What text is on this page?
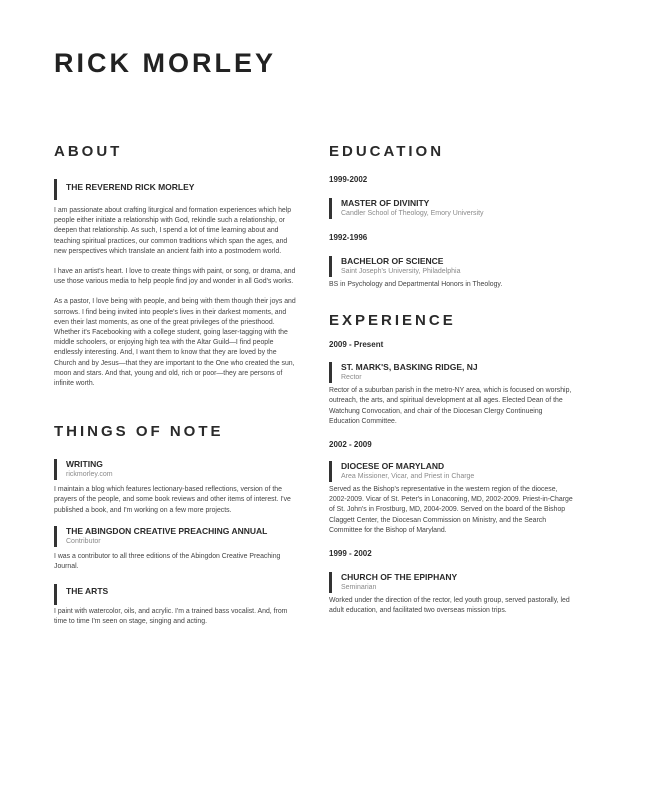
RICK MORLEY
ABOUT
THE REVEREND RICK MORLEY

I am passionate about crafting liturgical and formation experiences which help people either initiate a relationship with God, rekindle such a relationship, or deepen that relationship. As such, I spend a lot of time learning about and teaching spiritual practices, our common traditions which span the ages, and new perspectives which translate an ancient faith into a postmodern world.

I have an artist's heart. I love to create things with paint, or song, or drama, and use those various media to help people find joy and wonder in all God's works.

As a pastor, I love being with people, and being with them though their joys and sorrows. I find being invited into people's lives in their darkest moments, and even their last moments, as one of the great privileges of the priesthood. Whether it's Facebooking with a college student, going laser-tagging with the middle schoolers, or enjoying high tea with the Altar Guild—I find people endlessly interesting. And, I want them to know that they are loved by the Church and by Jesus—that they are important to the One who created the sun, moon and stars. And that, young and old, rich or poor—they are persons of infinite worth.

THINGS OF NOTE
WRITING
rickmorley.com

I maintain a blog which features lectionary-based reflections, version of the prayers of the people, and some book reviews and other items of interest. I've published a book, and I'm working on a few more projects.

THE ABINGDON CREATIVE PREACHING ANNUAL
Contributor

I was a contributor to all three editions of the Abingdon Creative Preaching Journal.

THE ARTS

I paint with watercolor, oils, and acrylic. I'm a trained bass vocalist. And, from time to time I'm seen on stage, singing and acting.

EDUCATION
1999-2002
MASTER OF DIVINITY
Candler School of Theology, Emory University
1992-1996
BACHELOR OF SCIENCE
Saint Joseph's University, Philadelphia

BS in Psychology and Departmental Honors in Theology.

EXPERIENCE
2009 - Present
ST. MARK'S, BASKING RIDGE, NJ
Rector

Rector of a suburban parish in the metro-NY area, which is focused on worship, outreach, the arts, and spiritual development at all ages. Elected Dean of the Watchung Convocation, and chair of the Diocesan Clergy Continueing Education Committee.

2002 - 2009
DIOCESE OF MARYLAND
Area Missioner, Vicar, and Priest in Charge

Served as the Bishop's representative in the western region of the diocese, 2002-2009. Vicar of St. Peter's in Lonaconing, MD, 2002-2009. Priest-in-Charge of St. John's in Frostburg, MD, 2004-2009. Served on the board of the Bishop Claggett Center, the Diocesan Commission on Ministry, and the Search Committee for the Bishop of Maryland.

1999 - 2002
CHURCH OF THE EPIPHANY
Seminarian

Worked under the direction of the rector, led youth group, served pastorally, led adult education, and facilitated two overseas mission trips.
